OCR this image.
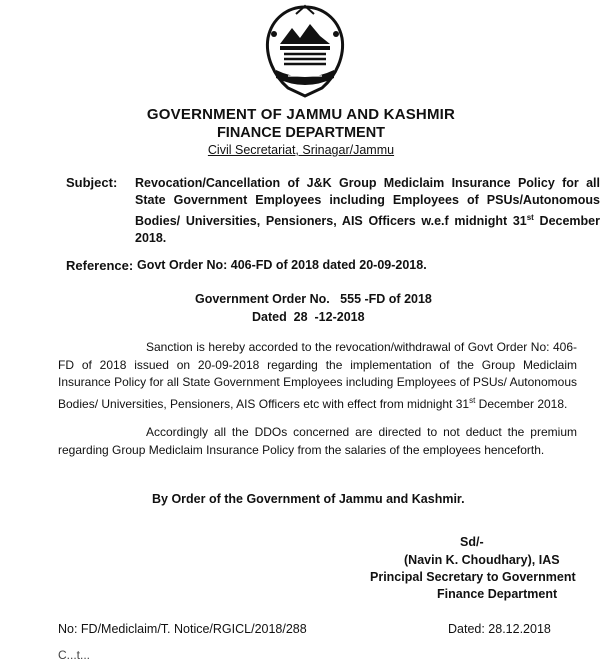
GOVERNMENT OF JAMMU AND KASHMIR
FINANCE DEPARTMENT
Civil Secretariat, Srinagar/Jammu
Subject: Revocation/Cancellation of J&K Group Mediclaim Insurance Policy for all State Government Employees including Employees of PSUs/Autonomous Bodies/ Universities, Pensioners, AIS Officers w.e.f midnight 31st December 2018.
Reference: Govt Order No: 406-FD of 2018 dated 20-09-2018.
Government Order No.   555 -FD of 2018
Dated  28  -12-2018
Sanction is hereby accorded to the revocation/withdrawal of Govt Order No: 406-FD of 2018 issued on 20-09-2018 regarding the implementation of the Group Mediclaim Insurance Policy for all State Government Employees including Employees of PSUs/ Autonomous Bodies/ Universities, Pensioners, AIS Officers etc with effect from midnight 31st December 2018.
Accordingly all the DDOs concerned are directed to not deduct the premium regarding Group Mediclaim Insurance Policy from the salaries of the employees henceforth.
By Order of the Government of Jammu and Kashmir.
Sd/-
(Navin K. Choudhary), IAS
Principal Secretary to Government
Finance Department
No: FD/Mediclaim/T. Notice/RGICL/2018/288	Dated: 28.12.2018
C...t...
